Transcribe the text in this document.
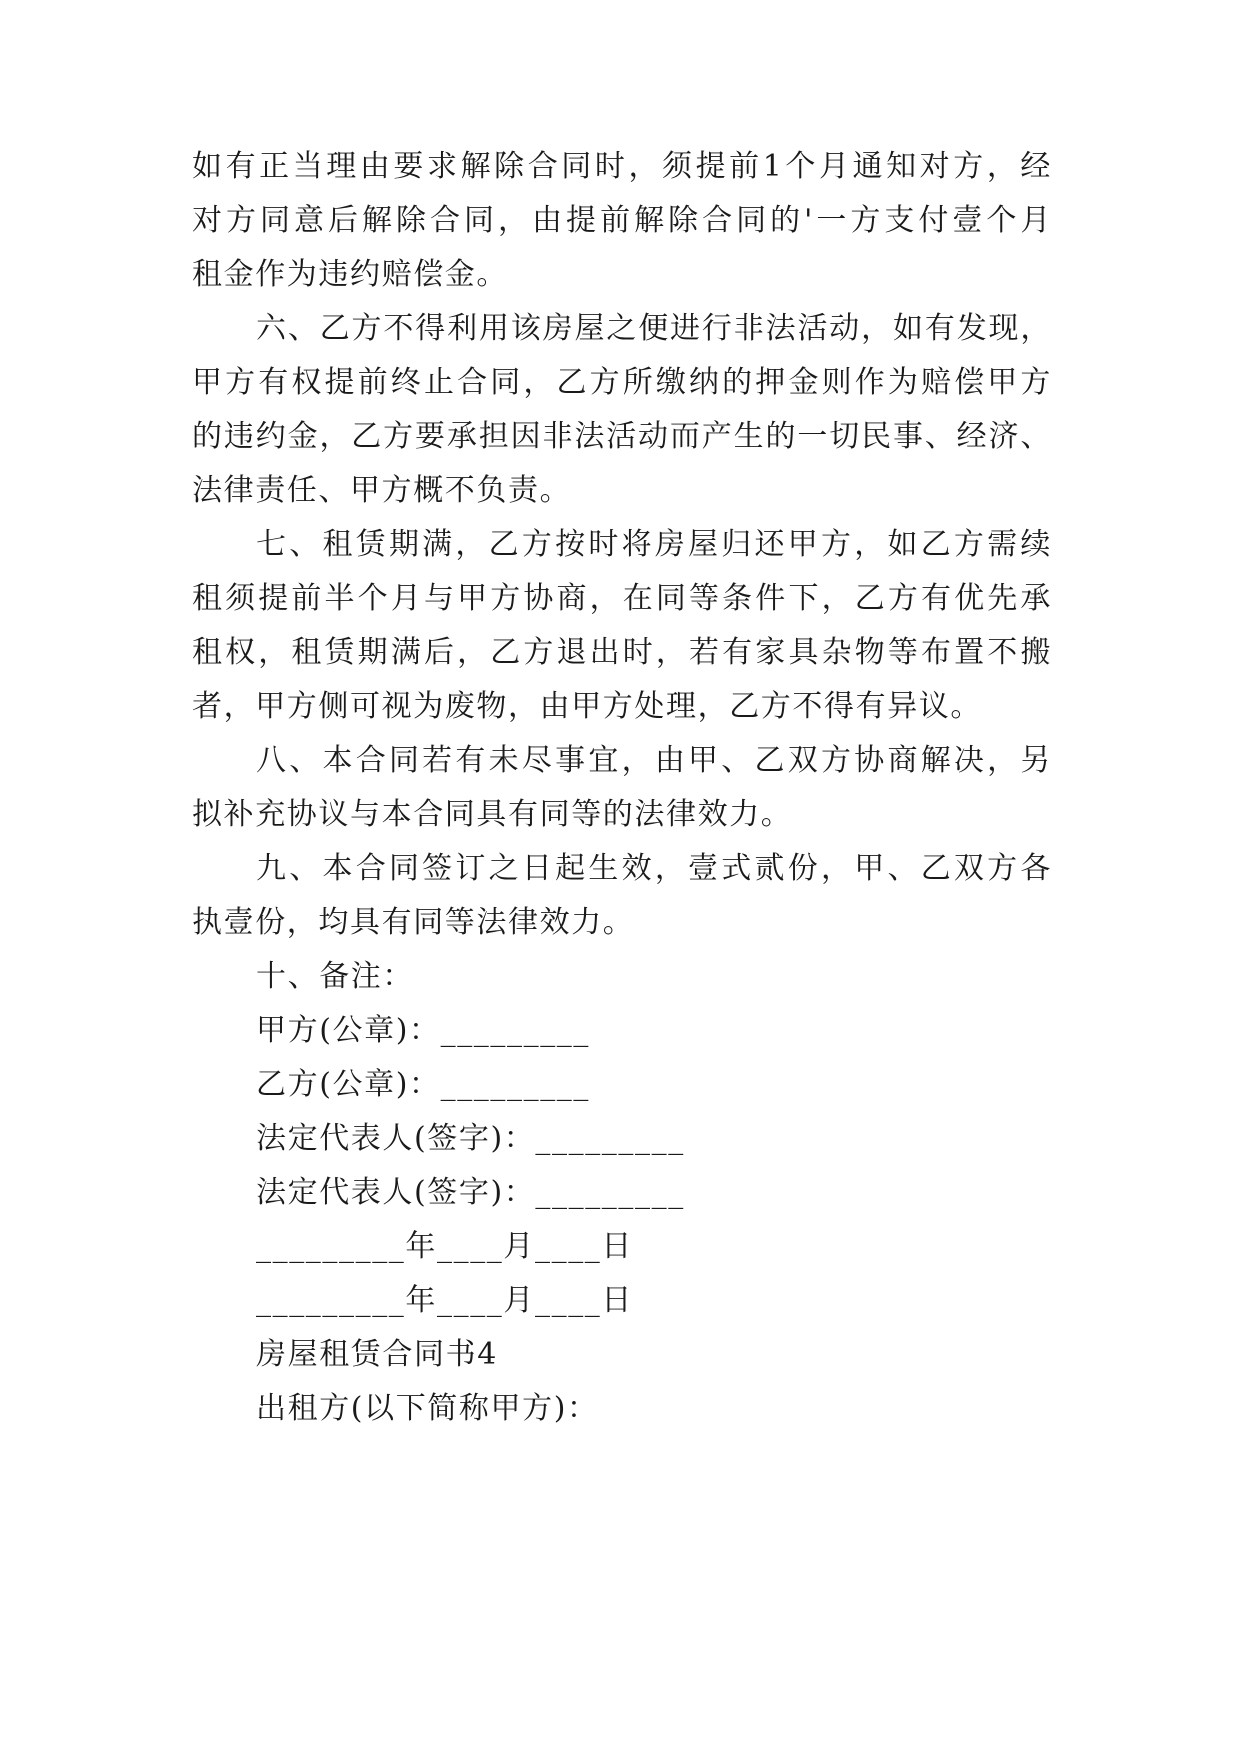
如有正当理由要求解除合同时，须提前1个月通知对方，经
对方同意后解除合同，由提前解除合同的'一方支付壹个月
租金作为违约赔偿金。
六、乙方不得利用该房屋之便进行非法活动，如有发现，
甲方有权提前终止合同，乙方所缴纳的押金则作为赔偿甲方
的违约金，乙方要承担因非法活动而产生的一切民事、经济、
法律责任、甲方概不负责。
七、租赁期满，乙方按时将房屋归还甲方，如乙方需续
租须提前半个月与甲方协商，在同等条件下，乙方有优先承
租权，租赁期满后，乙方退出时，若有家具杂物等布置不搬
者，甲方侧可视为废物，由甲方处理，乙方不得有异议。
八、本合同若有未尽事宜，由甲、乙双方协商解决，另
拟补充协议与本合同具有同等的法律效力。
九、本合同签订之日起生效，壹式贰份，甲、乙双方各
执壹份，均具有同等法律效力。
十、备注：
甲方(公章)：_________
乙方(公章)：_________
法定代表人(签字)：_________
法定代表人(签字)：_________
_________年____月____日
_________年____月____日
房屋租赁合同书4
出租方(以下简称甲方)：
